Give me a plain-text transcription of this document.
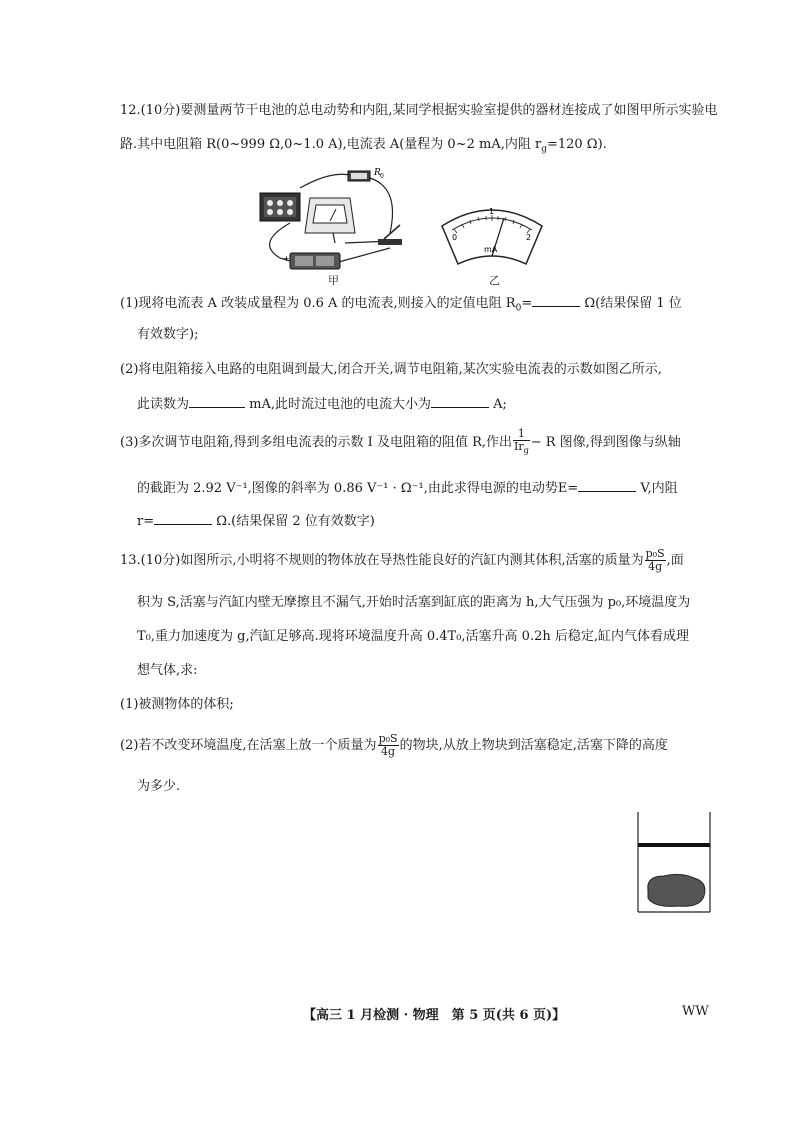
12.(10分)要测量两节干电池的总电动势和内阻,某同学根据实验室提供的器材连接成了如图甲所示实验电
路.其中电阻箱 R(0~999 Ω,0~1.0 A),电流表 A(量程为 0~2 mA,内阻 $r_g=120$ Ω).
R 0
+
甲
0
1
2
mA
乙
(1)现将电流表 A 改装成量程为 0.6 A 的电流表,则接入的定值电阻 $R_0=$	Ω(结果保留 1 位
有效数字);
(2)将电阻箱接入电路的电阻调到最大,闭合开关,调节电阻箱,某次实验电流表的示数如图乙所示,
此读数为	mA,此时流过电池的电流大小为	A;
(3)多次调节电阻箱,得到多组电流表的示数 I 及电阻箱的阻值 R,作出 $\frac{1}{Ir_g} - R$ 图像,得到图像与纵轴
的截距为 2.92 V⁻¹,图像的斜率为 0.86 V⁻¹ · Ω⁻¹,由此求得电源的电动势E=	V,内阻
r=	Ω.(结果保留 2 位有效数字)
13.(10分)如图所示,小明将不规则的物体放在导热性能良好的汽缸内测其体积,活塞的质量为 $\frac{\text{p₀S}}{4g}$ ,面
积为 S,活塞与汽缸内壁无摩擦且不漏气,开始时活塞到缸底的距离为 h,大气压强为 p₀,环境温度为
T₀,重力加速度为 g,汽缸足够高.现将环境温度升高 0.4T₀,活塞升高 0.2h 后稳定,缸内气体看成理
想气体,求:
(1)被测物体的体积;
(2)若不改变环境温度,在活塞上放一个质量为 $\frac{\text{p₀S}}{4g}$ 的物块,从放上物块到活塞稳定,活塞下降的高度
为多少.
【高三 1 月检测 · 物理　第 5 页(共 6 页)】	WW
